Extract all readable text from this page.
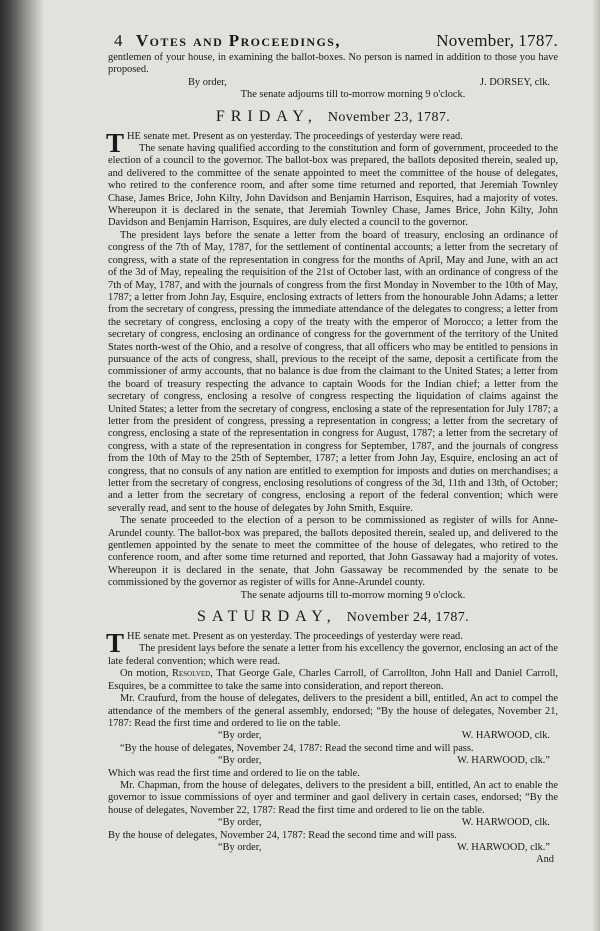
4 Votes and Proceedings,	November, 1787.

gentlemen of your house, in examining the ballot-boxes. No person is named in addition to those you have proposed.

By order,	J. DORSEY, clk.

The senate adjourns till to-morrow morning 9 o'clock.

FRIDAY, November 23, 1787.

T HE senate met. Present as on yesterday. The proceedings of yesterday were read.

The senate having qualified according to the constitution and form of government, proceeded to the election of a council to the governor. The ballot-box was prepared, the ballots deposited therein, sealed up, and delivered to the committee of the senate appointed to meet the committee of the house of delegates, who retired to the conference room, and after some time returned and reported, that Jeremiah Townley Chase, James Brice, John Kilty, John Davidson and Benjamin Harrison, Esquires, had a majority of votes. Whereupon it is declared in the senate, that Jeremiah Townley Chase, James Brice, John Kilty, John Davidson and Benjamin Harrison, Esquires, are duly elected a council to the governor.

The president lays before the senate a letter from the board of treasury, enclosing an ordinance of congress of the 7th of May, 1787, for the settlement of continental accounts; a letter from the secretary of congress, with a state of the representation in congress for the months of April, May and June, with an act of the 3d of May, repealing the requisition of the 21st of October last, with an ordinance of congress of the 7th of May, 1787, and with the journals of congress from the first Monday in November to the 10th of May, 1787; a letter from John Jay, Esquire, enclosing extracts of letters from the honourable John Adams; a letter from the secretary of congress, pressing the immediate attendance of the delegates to congress; a letter from the secretary of congress, enclosing a copy of the treaty with the emperor of Morocco; a letter from the secretary of congress, enclosing an ordinance of congress for the government of the territory of the United States north-west of the Ohio, and a resolve of congress, that all officers who may be entitled to pensions in pursuance of the acts of congress, shall, previous to the receipt of the same, deposit a certificate from the commissioner of army accounts, that no balance is due from the claimant to the United States; a letter from the board of treasury respecting the advance to captain Woods for the Indian chief; a letter from the secretary of congress, enclosing a resolve of congress respecting the liquidation of claims against the United States; a letter from the secretary of congress, enclosing a state of the representation for July 1787; a letter from the president of congress, pressing a representation in congress; a letter from the secretary of congress, enclosing a state of the representation in congress for August, 1787; a letter from the secretary of congress, with a state of the representation in congress for September, 1787, and the journals of congress from the 10th of May to the 25th of September, 1787; a letter from John Jay, Esquire, enclosing an act of congress, that no consuls of any nation are entitled to exemption for imposts and duties on merchandises; a letter from the secretary of congress, enclosing resolutions of congress of the 3d, 11th and 13th, of October; and a letter from the secretary of congress, enclosing a report of the federal convention; which were severally read, and sent to the house of delegates by John Smith, Esquire.

The senate proceeded to the election of a person to be commissioned as register of wills for Anne-Arundel county. The ballot-box was prepared, the ballots deposited therein, sealed up, and delivered to the gentlemen appointed by the senate to meet the committee of the house of delegates, who retired to the conference room, and after some time returned and reported, that John Gassaway had a majority of votes. Whereupon it is declared in the senate, that John Gassaway be recommended by the senate to be commissioned by the governor as register of wills for Anne-Arundel county.

The senate adjourns till to-morrow morning 9 o'clock.

SATURDAY, November 24, 1787.

T HE senate met. Present as on yesterday. The proceedings of yesterday were read.

The president lays before the senate a letter from his excellency the governor, enclosing an act of the late federal convention; which were read.

On motion, Resolved, That George Gale, Charles Carroll, of Carrollton, John Hall and Daniel Carroll, Esquires, be a committee to take the same into consideration, and report thereon.

Mr. Craufurd, from the house of delegates, delivers to the president a bill, entitled, An act to compel the attendance of the members of the general assembly, endorsed; “By the house of delegates, November 21, 1787: Read the first time and ordered to lie on the table.

“By order,	W. HARWOOD, clk.

“By the house of delegates, November 24, 1787: Read the second time and will pass.

“By order,	W. HARWOOD, clk.”

Which was read the first time and ordered to lie on the table.

Mr. Chapman, from the house of delegates, delivers to the president a bill, entitled, An act to enable the governor to issue commissions of oyer and terminer and gaol delivery in certain cases, endorsed; “By the house of delegates, November 22, 1787: Read the first time and ordered to lie on the table.

“By order,	W. HARWOOD, clk.

By the house of delegates, November 24, 1787: Read the second time and will pass.

“By order,	W. HARWOOD, clk.”

And
